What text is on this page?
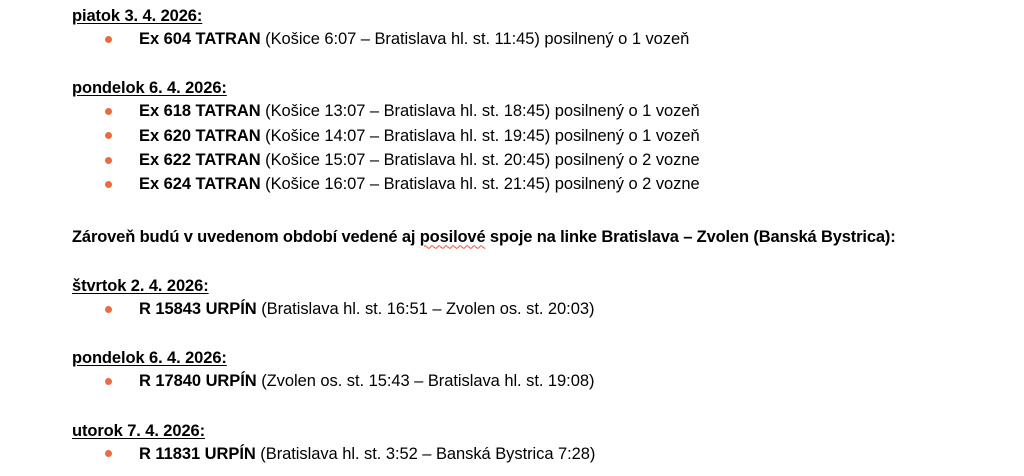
piatok 3. 4. 2026:

Ex 604 TATRAN (Košice 6:07 – Bratislava hl. st. 11:45) posilnený o 1 vozeň

pondelok 6. 4. 2026:

Ex 618 TATRAN (Košice 13:07 – Bratislava hl. st. 18:45) posilnený o 1 vozeň
Ex 620 TATRAN (Košice 14:07 – Bratislava hl. st. 19:45) posilnený o 1 vozeň
Ex 622 TATRAN (Košice 15:07 – Bratislava hl. st. 20:45) posilnený o 2 vozne
Ex 624 TATRAN (Košice 16:07 – Bratislava hl. st. 21:45) posilnený o 2 vozne

Zároveň budú v uvedenom období vedené aj posilové spoje na linke Bratislava – Zvolen (Banská Bystrica):

štvrtok 2. 4. 2026:

R 15843 URPÍN (Bratislava hl. st. 16:51 – Zvolen os. st. 20:03)

pondelok 6. 4. 2026:

R 17840 URPÍN (Zvolen os. st. 15:43 – Bratislava hl. st. 19:08)

utorok 7. 4. 2026:

R 11831 URPÍN (Bratislava hl. st. 3:52 – Banská Bystrica 7:28)
